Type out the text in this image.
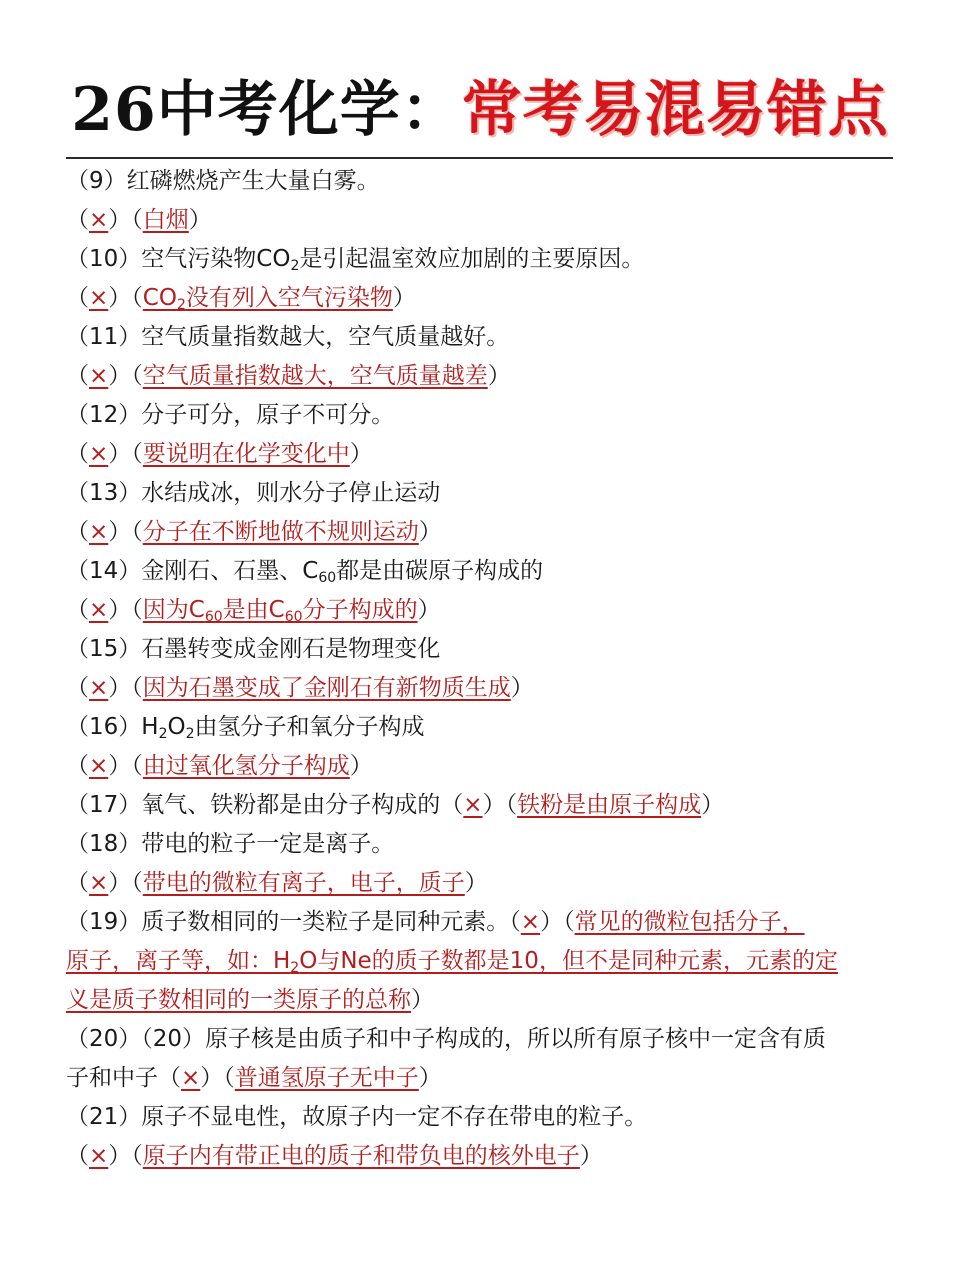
26中考化学：常考易混易错点
（9）红磷燃烧产生大量白雾。
（×）（白烟）
（10）空气污染物$CO_2$是引起温室效应加剧的主要原因。
$(\times)(CO_2$没有列入空气污染物）
（11）空气质量指数越大，空气质量越好。
（×）（空气质量指数越大，空气质量越差）
（12）分子可分，原子不可分。
（×）（要说明在化学变化中）
（13）水结成冰，则水分子停止运动
（×）（分子在不断地做不规则运动）
（14）金刚石、石墨、$C_{60}$都是由碳原子构成的
（×）（因为$C_{60}$是由$C_{60}$分子构成的）
（15）石墨转变成金刚石是物理变化
（×）（因为石墨变成了金刚石有新物质生成）
$(16)H_2O_2$由氢分子和氧分子构成
（×）（由过氧化氢分子构成）
（17）氧气、铁粉都是由分子构成的（×）（铁粉是由原子构成）
（18）带电的粒子一定是离子。
（×）（带电的微粒有离子，电子，质子）
（19）质子数相同的一类粒子是同种元素。（×）（常见的微粒包括分子，
原子，离子等，如：$H_2O$与Ne的质子数都是10，但不是同种元素，元素的定
义是质子数相同的一类原子的总称）
（20）（20）原子核是由质子和中子构成的，所以所有原子核中一定含有质
子和中子（×）（普通氢原子无中子）
（21）原子不显电性，故原子内一定不存在带电的粒子。
（×）（原子内有带正电的质子和带负电的核外电子）
